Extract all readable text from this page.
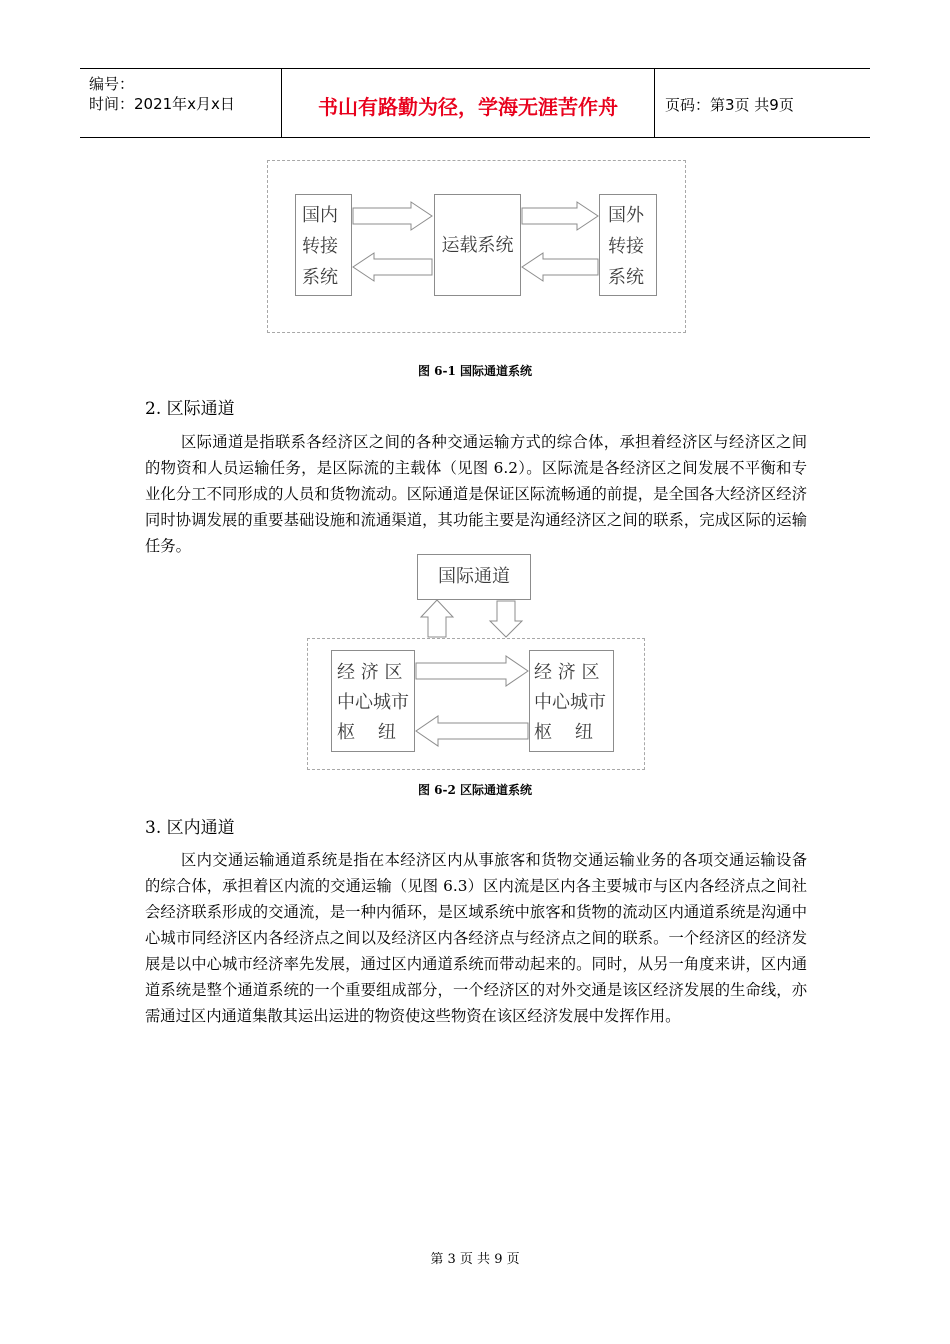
编号：
时间：2021年x月x日	书山有路勤为径，学海无涯苦作舟	页码：第3页 共9页
国内
转接
系统
运载系统
国外
转接
系统
图 6-1 国际通道系统
2. 区际通道

区际通道是指联系各经济区之间的各种交通运输方式的综合体，承担着经济区与经济区之间的物资和人员运输任务，是区际流的主载体（见图 6.2）。区际流是各经济区之间发展不平衡和专业化分工不同形成的人员和货物流动。区际通道是保证区际流畅通的前提，是全国各大经济区经济同时协调发展的重要基础设施和流通渠道，其功能主要是沟通经济区之间的联系，完成区际的运输任务。

国际通道
经 济 区
中心城市
枢    纽
经 济 区
中心城市
枢    纽
图 6-2 区际通道系统
3. 区内通道

区内交通运输通道系统是指在本经济区内从事旅客和货物交通运输业务的各项交通运输设备的综合体，承担着区内流的交通运输（见图 6.3）区内流是区内各主要城市与区内各经济点之间社会经济联系形成的交通流，是一种内循环，是区域系统中旅客和货物的流动区内通道系统是沟通中心城市同经济区内各经济点之间以及经济区内各经济点与经济点之间的联系。一个经济区的经济发展是以中心城市经济率先发展，通过区内通道系统而带动起来的。同时，从另一角度来讲，区内通道系统是整个通道系统的一个重要组成部分，一个经济区的对外交通是该区经济发展的生命线，亦需通过区内通道集散其运出运进的物资使这些物资在该区经济发展中发挥作用。

第 3 页 共 9 页
